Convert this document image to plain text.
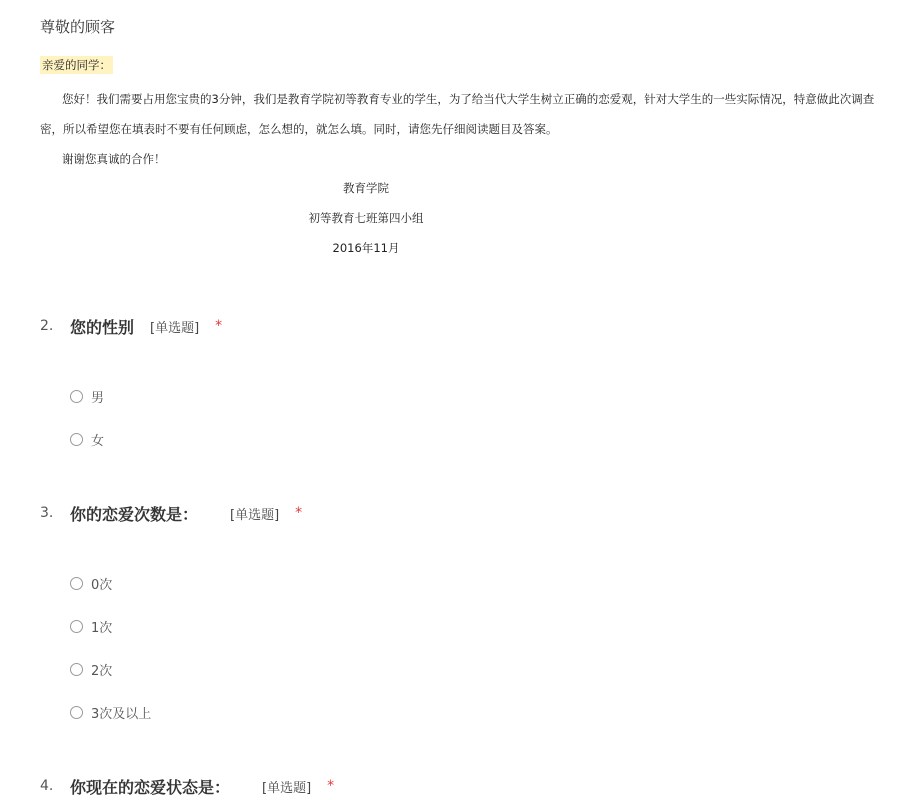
尊敬的顾客
亲爱的同学：
您好！我们需要占用您宝贵的3分钟，我们是教育学院初等教育专业的学生，为了给当代大学生树立正确的恋爱观，针对大学生的一些实际情况，特意做此次调查
密，所以希望您在填表时不要有任何顾虑，怎么想的，就怎么填。同时，请您先仔细阅读题目及答案。
谢谢您真诚的合作！
教育学院
初等教育七班第四小组
2016年11月
2.	您的性别 [单选题] *
男
女
3.	你的恋爱次数是： [单选题] *
0次
1次
2次
3次及以上
4.	你现在的恋爱状态是： [单选题] *
